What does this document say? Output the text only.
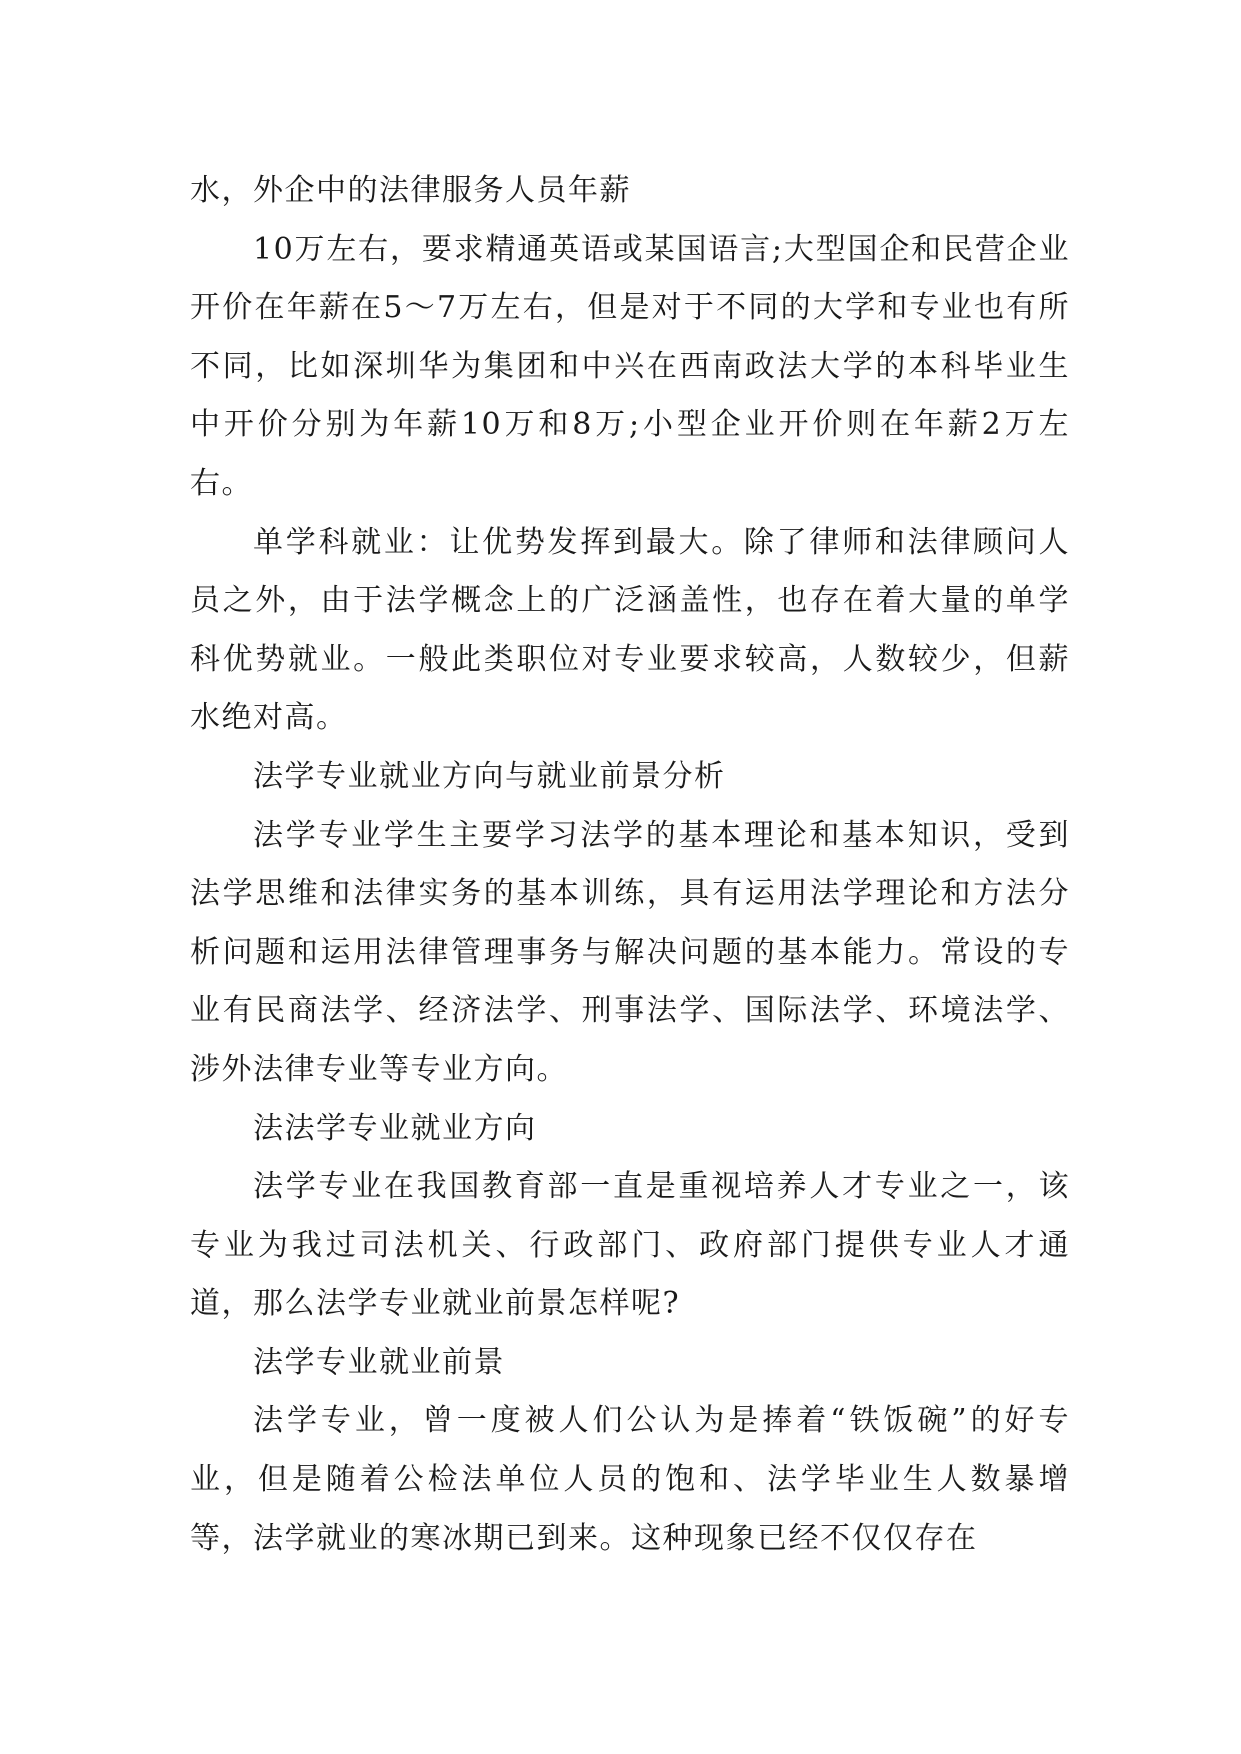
水，外企中的法律服务人员年薪

10万左右，要求精通英语或某国语言;大型国企和民营企业开价在年薪在5～7万左右，但是对于不同的大学和专业也有所不同，比如深圳华为集团和中兴在西南政法大学的本科毕业生中开价分别为年薪10万和8万;小型企业开价则在年薪2万左右。

单学科就业：让优势发挥到最大。除了律师和法律顾问人员之外，由于法学概念上的广泛涵盖性，也存在着大量的单学科优势就业。一般此类职位对专业要求较高，人数较少，但薪水绝对高。

法学专业就业方向与就业前景分析

法学专业学生主要学习法学的基本理论和基本知识，受到法学思维和法律实务的基本训练，具有运用法学理论和方法分析问题和运用法律管理事务与解决问题的基本能力。常设的专业有民商法学、经济法学、刑事法学、国际法学、环境法学、涉外法律专业等专业方向。

法法学专业就业方向

法学专业在我国教育部一直是重视培养人才专业之一，该专业为我过司法机关、行政部门、政府部门提供专业人才通道，那么法学专业就业前景怎样呢?

法学专业就业前景

法学专业，曾一度被人们公认为是捧着“铁饭碗”的好专业，但是随着公检法单位人员的饱和、法学毕业生人数暴增等，法学就业的寒冰期已到来。这种现象已经不仅仅存在
